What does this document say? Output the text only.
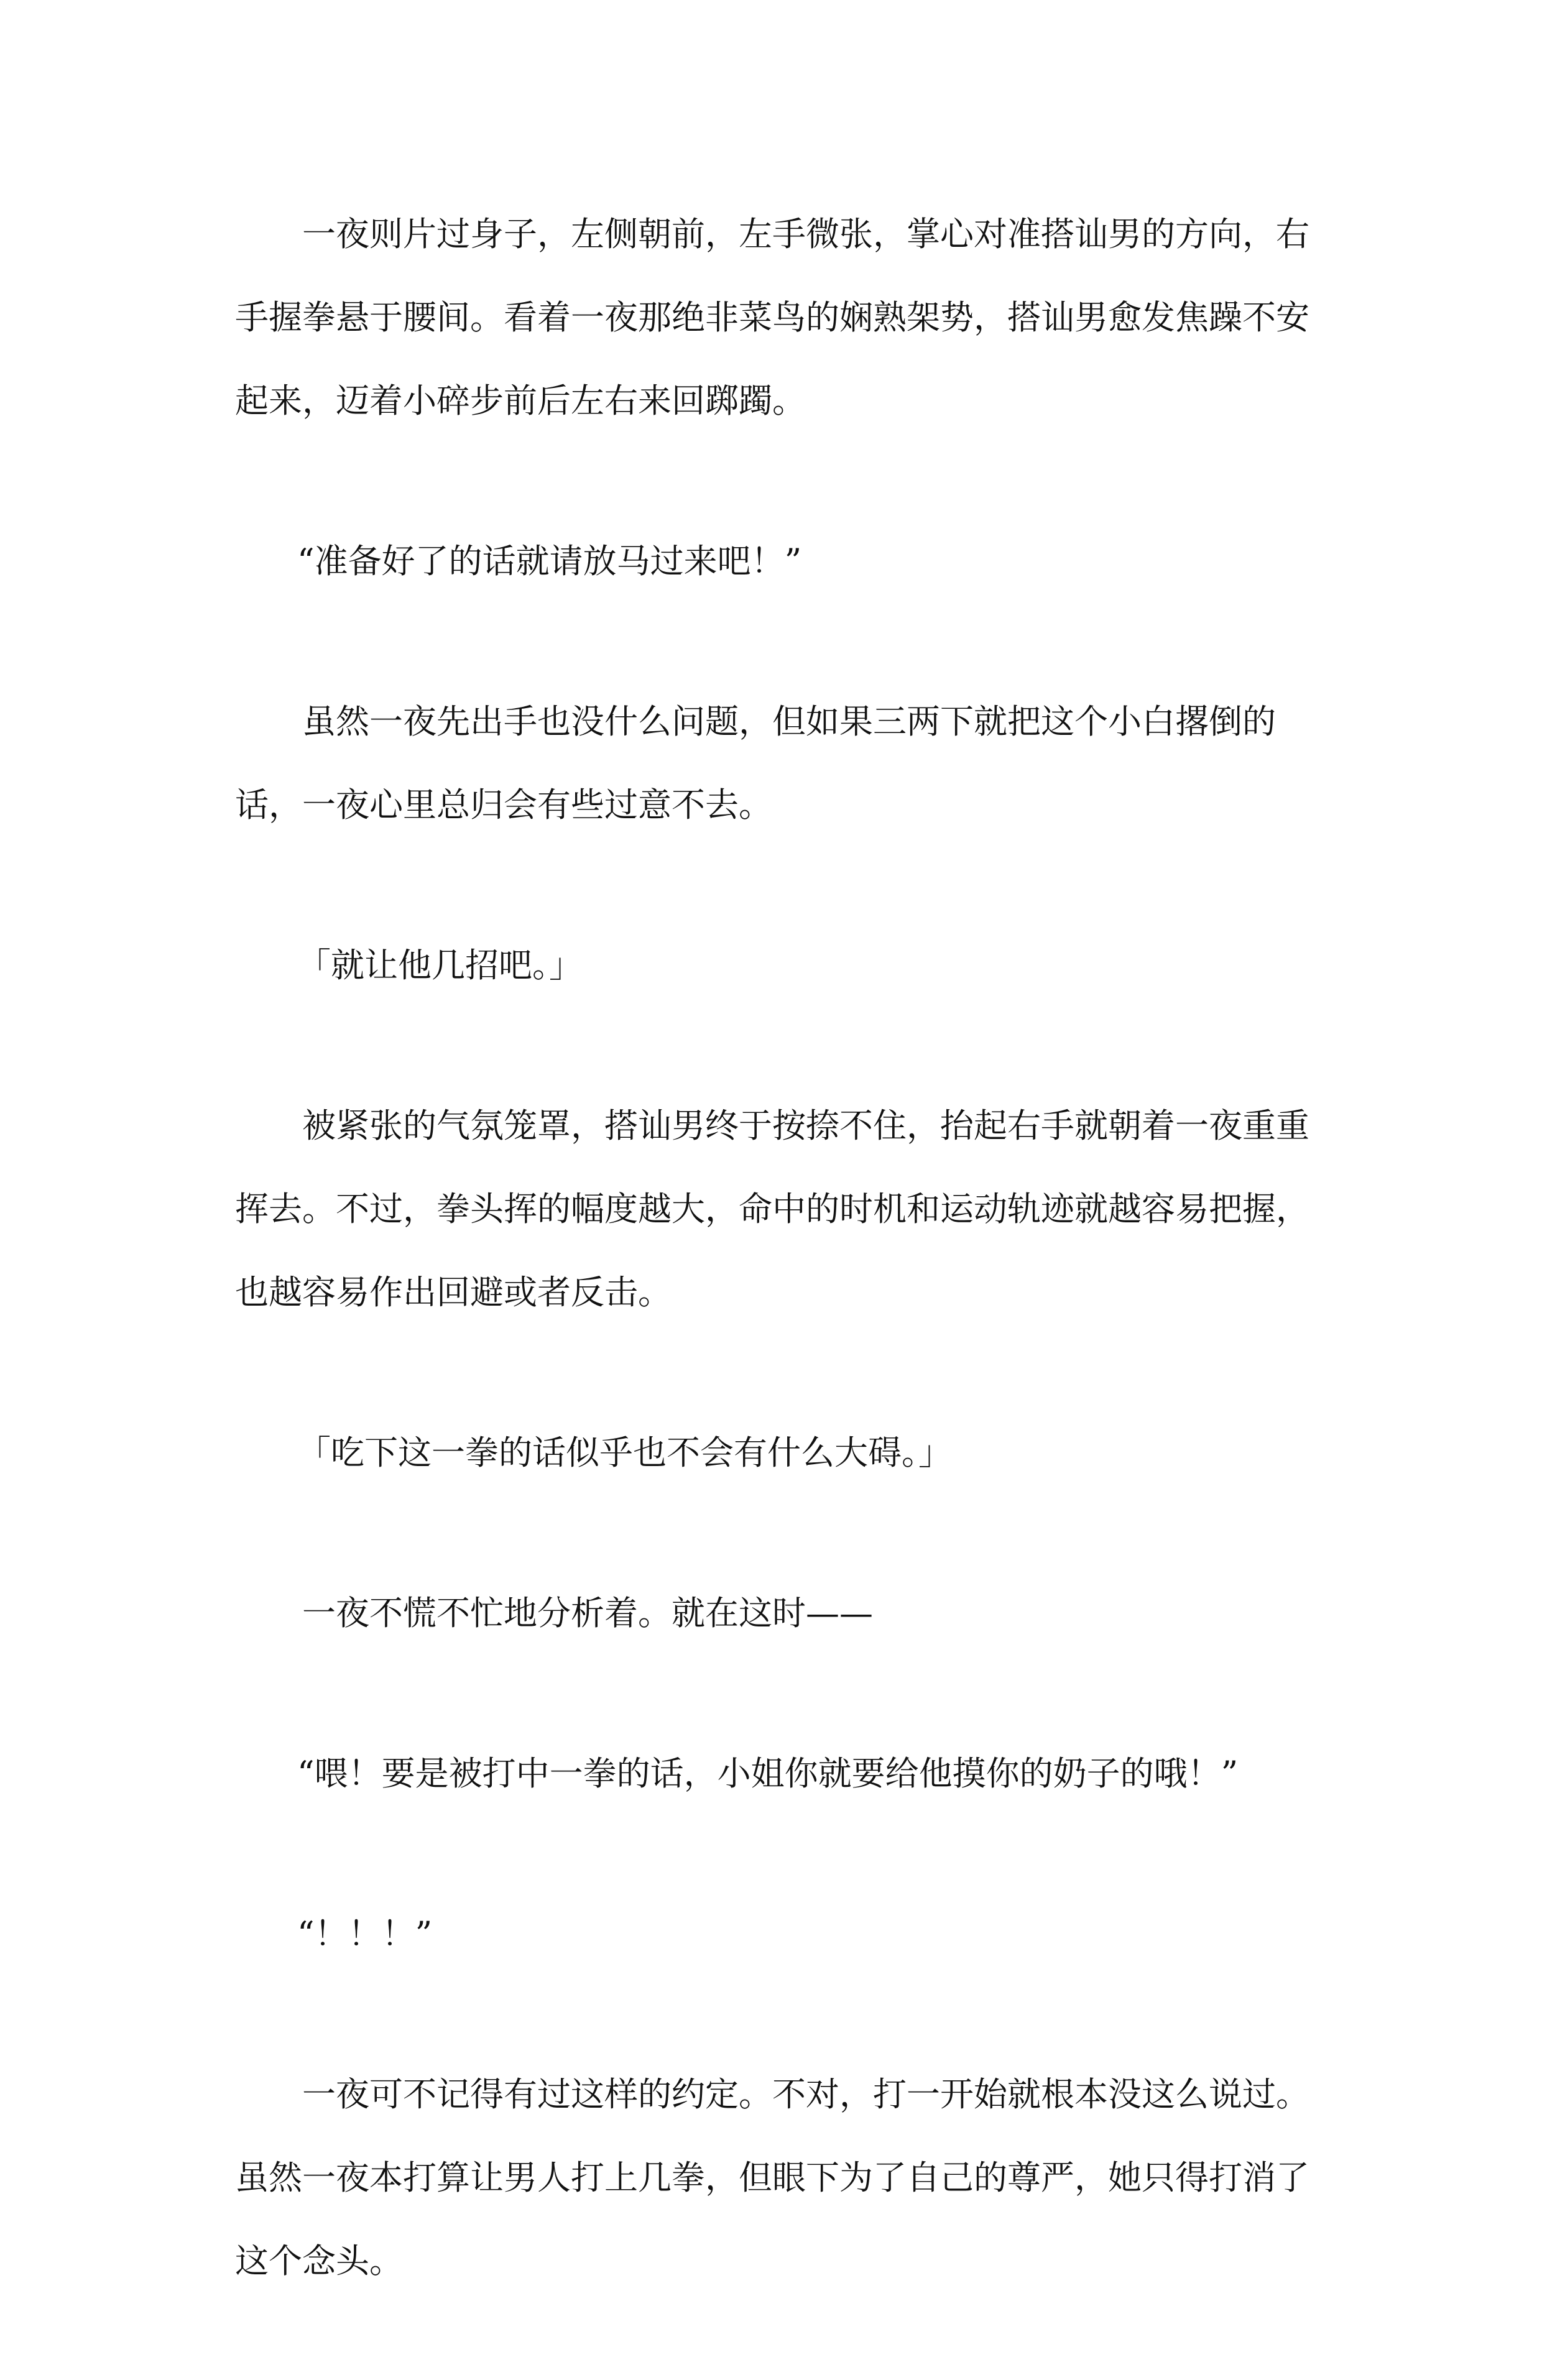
一夜则片过身子，左侧朝前，左手微张，掌心对准搭讪男的方向，右手握拳悬于腰间。看着一夜那绝非菜鸟的娴熟架势，搭讪男愈发焦躁不安起来，迈着小碎步前后左右来回踯躅。

“准备好了的话就请放马过来吧！”

虽然一夜先出手也没什么问题，但如果三两下就把这个小白撂倒的话，一夜心里总归会有些过意不去。

「就让他几招吧。」

被紧张的气氛笼罩，搭讪男终于按捺不住，抬起右手就朝着一夜重重挥去。不过，拳头挥的幅度越大，命中的时机和运动轨迹就越容易把握，也越容易作出回避或者反击。

「吃下这一拳的话似乎也不会有什么大碍。」

一夜不慌不忙地分析着。就在这时——

“喂！要是被打中一拳的话，小姐你就要给他摸你的奶子的哦！”

“！！！”

一夜可不记得有过这样的约定。不对，打一开始就根本没这么说过。虽然一夜本打算让男人打上几拳，但眼下为了自己的尊严，她只得打消了这个念头。
